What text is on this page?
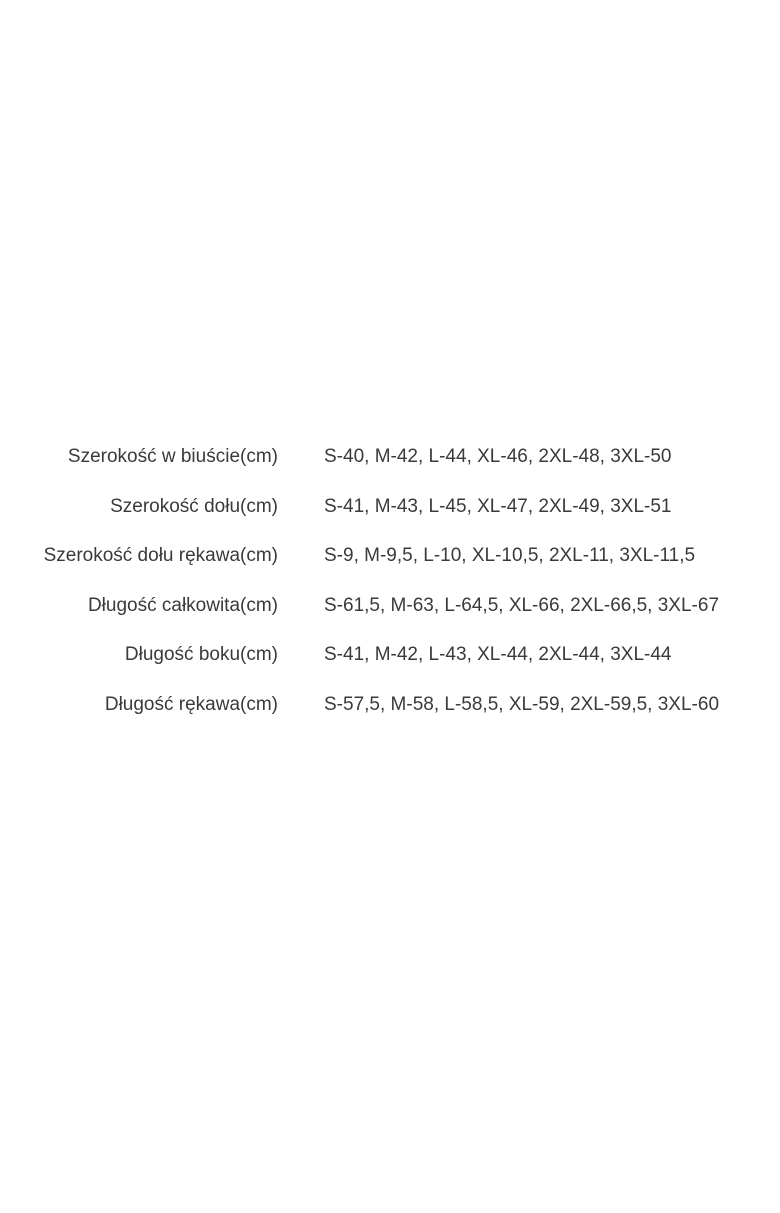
Szerokość w biuście(cm) S-40, M-42, L-44, XL-46, 2XL-48, 3XL-50
Szerokość dołu(cm) S-41, M-43, L-45, XL-47, 2XL-49, 3XL-51
Szerokość dołu rękawa(cm) S-9, M-9,5, L-10, XL-10,5, 2XL-11, 3XL-11,5
Długość całkowita(cm) S-61,5, M-63, L-64,5, XL-66, 2XL-66,5, 3XL-67
Długość boku(cm) S-41, M-42, L-43, XL-44, 2XL-44, 3XL-44
Długość rękawa(cm) S-57,5, M-58, L-58,5, XL-59, 2XL-59,5, 3XL-60
